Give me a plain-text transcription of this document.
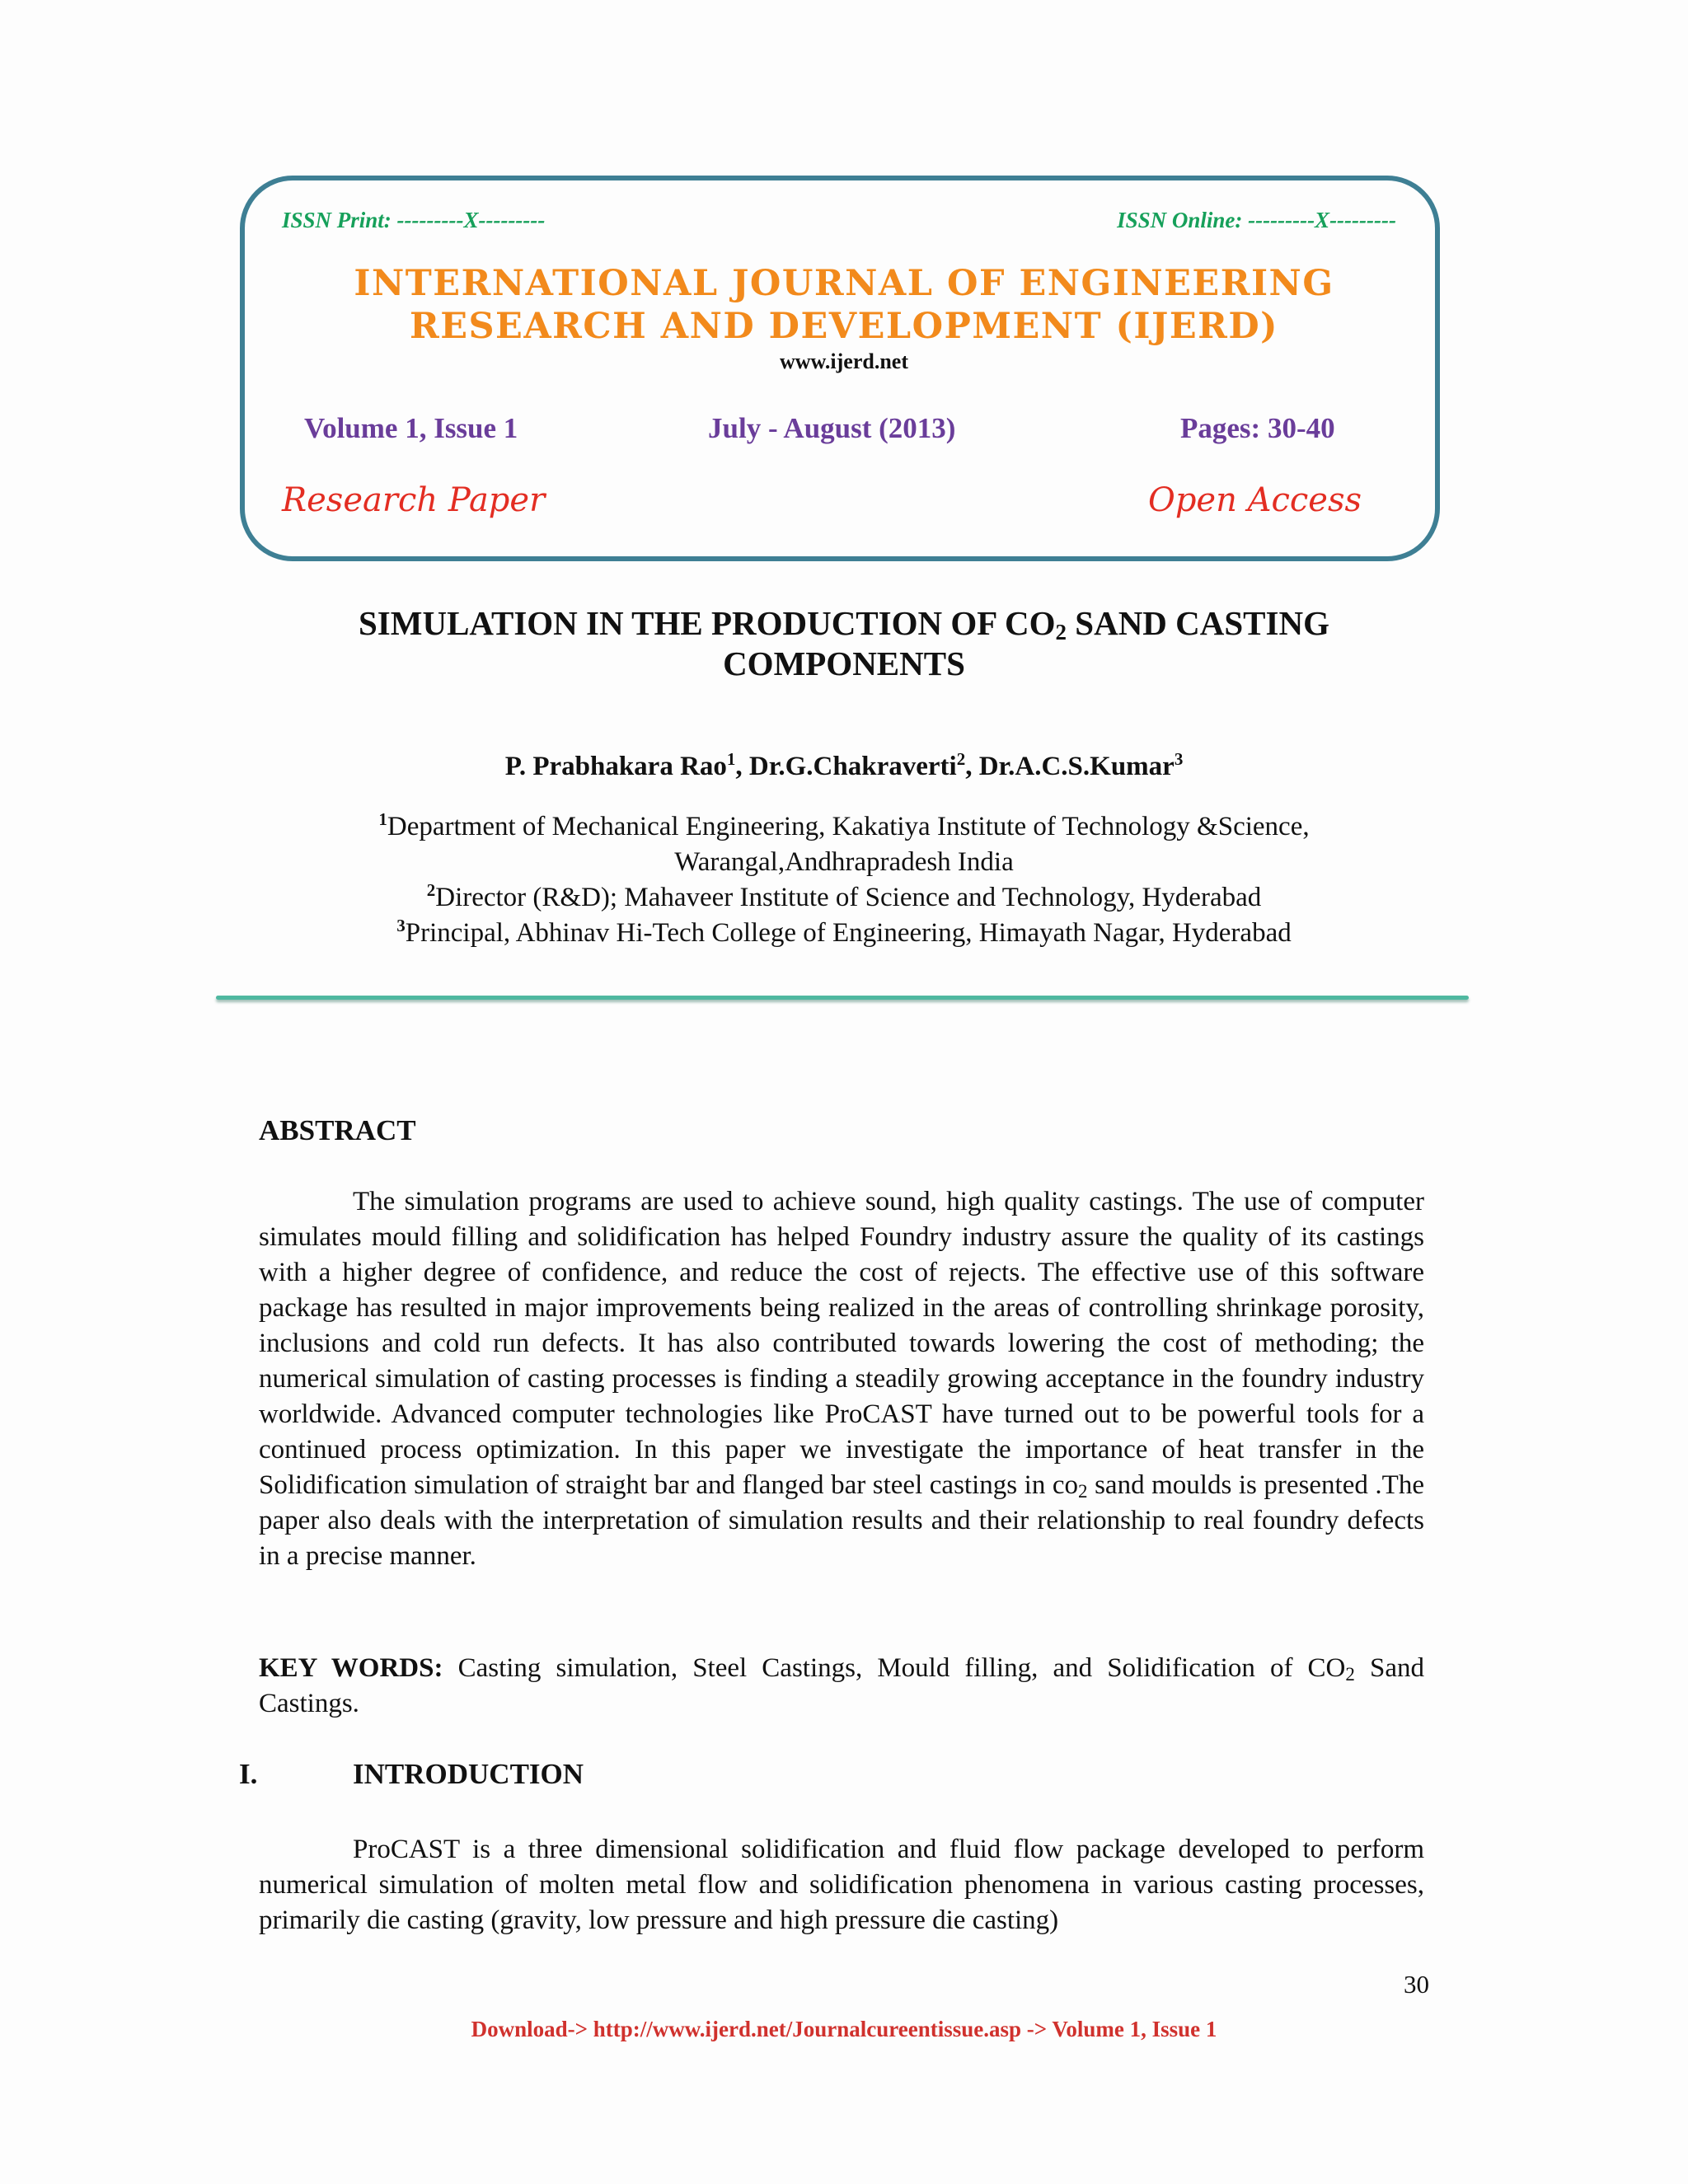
ISSN Print: ---------X---------	ISSN Online: ---------X---------
INTERNATIONAL JOURNAL OF ENGINEERING
RESEARCH AND DEVELOPMENT (IJERD)
www.ijerd.net
Volume 1, Issue 1	July - August (2013)	Pages: 30-40
Research Paper	Open Access
SIMULATION IN THE PRODUCTION OF $CO_2$ SAND CASTING
COMPONENTS
P. Prabhakara Rao$^1$, Dr.G.Chakraverti$^2$, Dr.A.C.S.Kumar$^3$
$^1$Department of Mechanical Engineering, Kakatiya Institute of Technology &Science,
Warangal,Andhrapradesh India
$^2$Director (R&D); Mahaveer Institute of Science and Technology, Hyderabad
$^3$Principal, Abhinav Hi-Tech College of Engineering, Himayath Nagar, Hyderabad
ABSTRACT
The simulation programs are used to achieve sound, high quality castings. The use of computer simulates mould filling and solidification has helped Foundry industry assure the quality of its castings with a higher degree of confidence, and reduce the cost of rejects. The effective use of this software package has resulted in major improvements being realized in the areas of controlling shrinkage porosity, inclusions and cold run defects. It has also contributed towards lowering the cost of methoding; the numerical simulation of casting processes is finding a steadily growing acceptance in the foundry industry worldwide. Advanced computer technologies like ProCAST have turned out to be powerful tools for a continued process optimization. In this paper we investigate the importance of heat transfer in the Solidification simulation of straight bar and flanged bar steel castings in $co_2$ sand moulds is presented .The paper also deals with the interpretation of simulation results and their relationship to real foundry defects in a precise manner.
KEY WORDS: Casting simulation, Steel Castings, Mould filling, and Solidification of $CO_2$ Sand Castings.
I.	INTRODUCTION
ProCAST is a three dimensional solidification and fluid flow package developed to perform numerical simulation of molten metal flow and solidification phenomena in various casting processes, primarily die casting (gravity, low pressure and high pressure die casting)
30
Download-> http://www.ijerd.net/Journalcureentissue.asp -> Volume 1, Issue 1
